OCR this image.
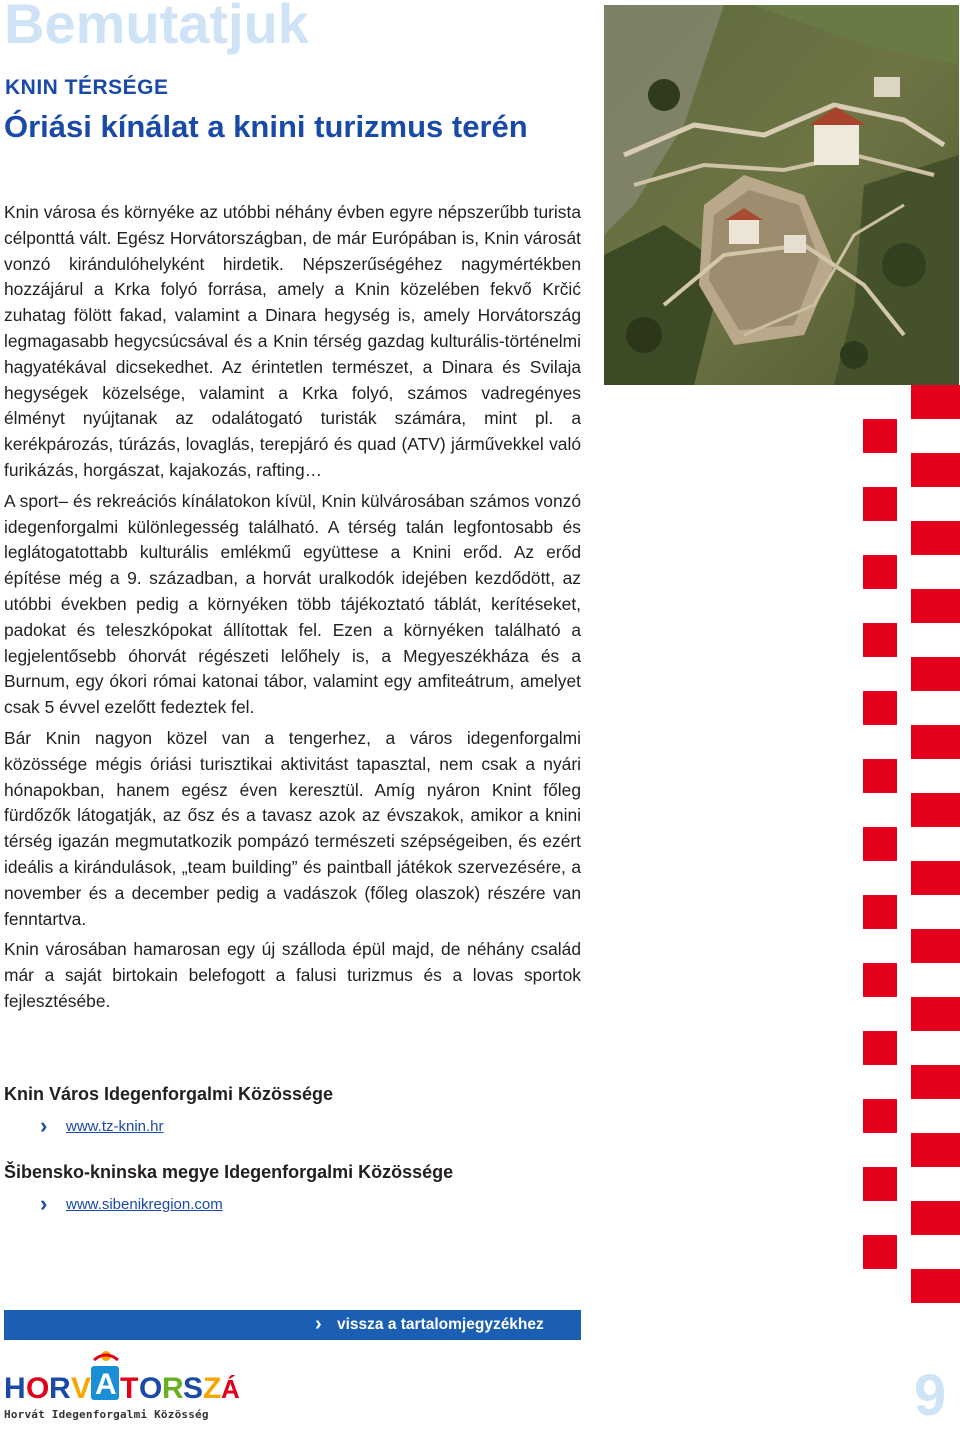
Bemutatjuk
KNIN TÉRSÉGE
Óriási kínálat a knini turizmus terén

Knin városa és környéke az utóbbi néhány évben egyre népszerűbb turista célponttá vált. Egész Horvátországban, de már Európában is, Knin városát vonzó kirándulóhelyként hirdetik. Népszerűségéhez nagymértékben hozzájárul a Krka folyó forrása, amely a Knin közelében fekvő Krčić zuhatag fölött fakad, valamint a Dinara hegység is, amely Horvátország legmagasabb hegycsúcsával és a Knin térség gazdag kulturális-történelmi hagyatékával dicsekedhet. Az érintetlen természet, a Dinara és Svilaja hegységek közelsége, valamint a Krka folyó, számos vadregényes élményt nyújtanak az odalátogató turisták számára, mint pl. a kerékpározás, túrázás, lovaglás, terepjáró és quad (ATV) járművekkel való furikázás, horgászat, kajakozás, rafting…

A sport– és rekreációs kínálatokon kívül, Knin külvárosában számos vonzó idegenforgalmi különlegesség található. A térség talán legfontosabb és leglátogatottabb kulturális emlékmű együttese a Knini erőd. Az erőd építése még a 9. században, a horvát uralkodók idejében kezdődött, az utóbbi években pedig a környéken több tájékoztató táblát, kerítéseket, padokat és teleszkópokat állítottak fel. Ezen a környéken található a legjelentősebb óhorvát régészeti lelőhely is, a Megyeszékháza és a Burnum, egy ókori római katonai tábor, valamint egy amfiteátrum, amelyet csak 5 évvel ezelőtt fedeztek fel.

Bár Knin nagyon közel van a tengerhez, a város idegenforgalmi közössége mégis óriási turisztikai aktivitást tapasztal, nem csak a nyári hónapokban, hanem egész éven keresztül. Amíg nyáron Knint főleg fürdőzők látogatják, az ősz és a tavasz azok az évszakok, amikor a knini térség igazán megmutatkozik pompázó természeti szépségeiben, és ezért ideális a kirándulások, „team building” és paintball játékok szervezésére, a november és a december pedig a vadászok (főleg olaszok) részére van fenntartva.

Knin városában hamarosan egy új szálloda épül majd, de néhány család már a saját birtokain belefogott a falusi turizmus és a lovas sportok fejlesztésébe.

Knin Város Idegenforgalmi Közössége

›	www.tz-knin.hr

Šibensko-kninska megye Idegenforgalmi Közössége

›	www.sibenikregion.com
› vissza a tartalomjegyzékhez
H O R V A T O R S Z Á
Horvát Idegenforgalmi Közösség	9
